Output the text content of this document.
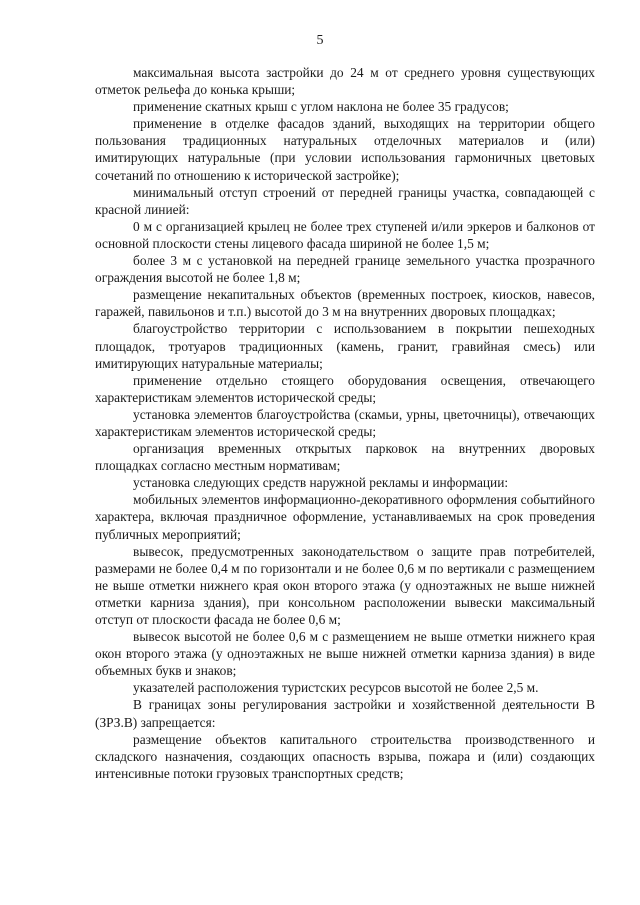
5

максимальная высота застройки до 24 м от среднего уровня существующих отметок рельефа до конька крыши;

применение скатных крыш с углом наклона не более 35 градусов;

применение в отделке фасадов зданий, выходящих на территории общего пользования традиционных натуральных отделочных материалов и (или) имитирующих натуральные (при условии использования гармоничных цветовых сочетаний по отношению к исторической застройке);

минимальный отступ строений от передней границы участка, совпадающей с красной линией:

0 м с организацией крылец не более трех ступеней и/или эркеров и балконов от основной плоскости стены лицевого фасада шириной не более 1,5 м;

более 3 м с установкой на передней границе земельного участка прозрачного ограждения высотой не более 1,8 м;

размещение некапитальных объектов (временных построек, киосков, навесов, гаражей, павильонов и т.п.) высотой до 3 м на внутренних дворовых площадках;

благоустройство территории с использованием в покрытии пешеходных площадок, тротуаров традиционных (камень, гранит, гравийная смесь) или имитирующих натуральные материалы;

применение отдельно стоящего оборудования освещения, отвечающего характеристикам элементов исторической среды;

установка элементов благоустройства (скамьи, урны, цветочницы), отвечающих характеристикам элементов исторической среды;

организация временных открытых парковок на внутренних дворовых площадках согласно местным нормативам;

установка следующих средств наружной рекламы и информации:

мобильных элементов информационно-декоративного оформления событийного характера, включая праздничное оформление, устанавливаемых на срок проведения публичных мероприятий;

вывесок, предусмотренных законодательством о защите прав потребителей, размерами не более 0,4 м по горизонтали и не более 0,6 м по вертикали с размещением не выше отметки нижнего края окон второго этажа (у одноэтажных не выше нижней отметки карниза здания), при консольном расположении вывески максимальный отступ от плоскости фасада не более 0,6 м;

вывесок высотой не более 0,6 м с размещением не выше отметки нижнего края окон второго этажа (у одноэтажных не выше нижней отметки карниза здания) в виде объемных букв и знаков;

указателей расположения туристских ресурсов высотой не более 2,5 м.

В границах зоны регулирования застройки и хозяйственной деятельности В (ЗРЗ.В) запрещается:

размещение объектов капитального строительства производственного и складского назначения, создающих опасность взрыва, пожара и (или) создающих интенсивные потоки грузовых транспортных средств;
